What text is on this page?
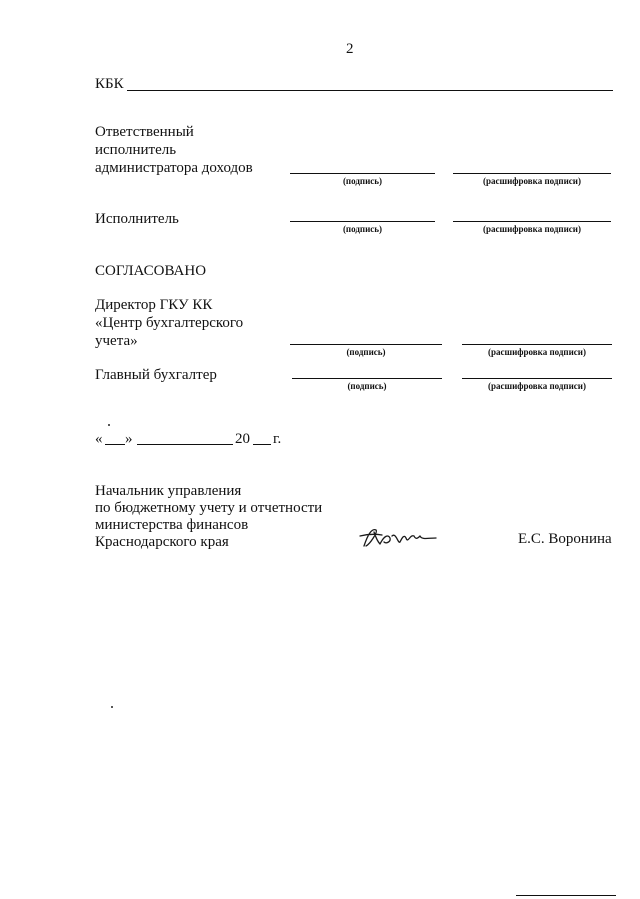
2
КБК
Ответственный
исполнитель
администратора доходов
(подпись)	(расшифровка подписи)
Исполнитель
(подпись)	(расшифровка подписи)
СОГЛАСОВАНО
Директор ГКУ КК
«Центр бухгалтерского
учета»
(подпись)	(расшифровка подписи)
Главный бухгалтер
(подпись)	(расшифровка подписи)
« »	20 г.
Начальник управления
по бюджетному учету и отчетности
министерства финансов
Краснодарского края	Е.С. Воронина
